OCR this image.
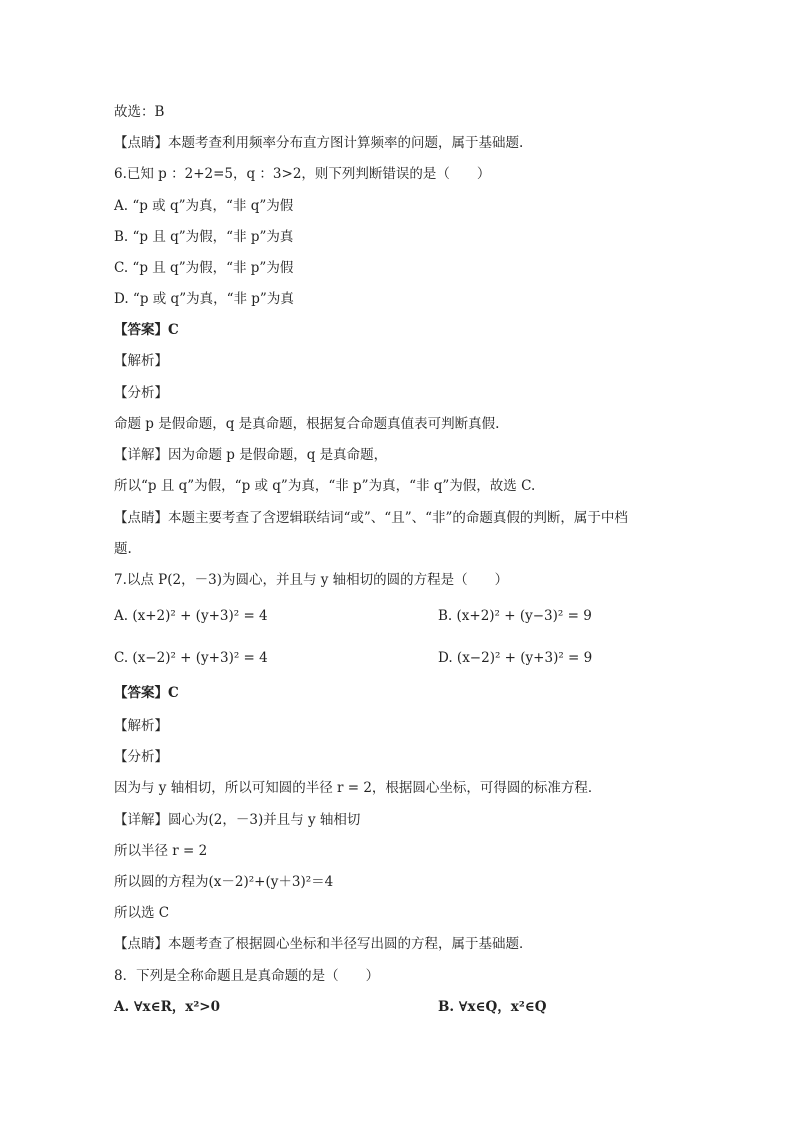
故选：B
【点睛】本题考查利用频率分布直方图计算频率的问题，属于基础题.
6.已知 p ：2+2=5，q ：3>2，则下列判断错误的是（　　）
A. “p 或 q”为真，“非 q”为假
B. “p 且 q”为假，“非 p”为真
C. “p 且 q”为假，“非 p”为假
D. “p 或 q”为真，“非 p”为真
【答案】C
【解析】
【分析】
命题 p 是假命题，q 是真命题，根据复合命题真值表可判断真假.
【详解】因为命题 p 是假命题，q 是真命题，
所以“p 且 q”为假，“p 或 q”为真，“非 p”为真，“非 q”为假，故选 C.
【点睛】本题主要考查了含逻辑联结词“或”、“且”、“非”的命题真假的判断，属于中档
题.
7.以点 P(2，－3)为圆心，并且与 y 轴相切的圆的方程是（　　）
A. (x+2)² + (y+3)² = 4	B. (x+2)² + (y−3)² = 9
C. (x−2)² + (y+3)² = 4	D. (x−2)² + (y+3)² = 9
【答案】C
【解析】
【分析】
因为与 y 轴相切，所以可知圆的半径 r = 2，根据圆心坐标，可得圆的标准方程．
【详解】圆心为(2，－3)并且与 y 轴相切
所以半径 r = 2
所以圆的方程为(x－2)²+(y＋3)²＝4
所以选 C
【点睛】本题考查了根据圆心坐标和半径写出圆的方程，属于基础题．
8．下列是全称命题且是真命题的是（　　）
A. ∀x∈R，x²>0	B. ∀x∈Q，x²∈Q
